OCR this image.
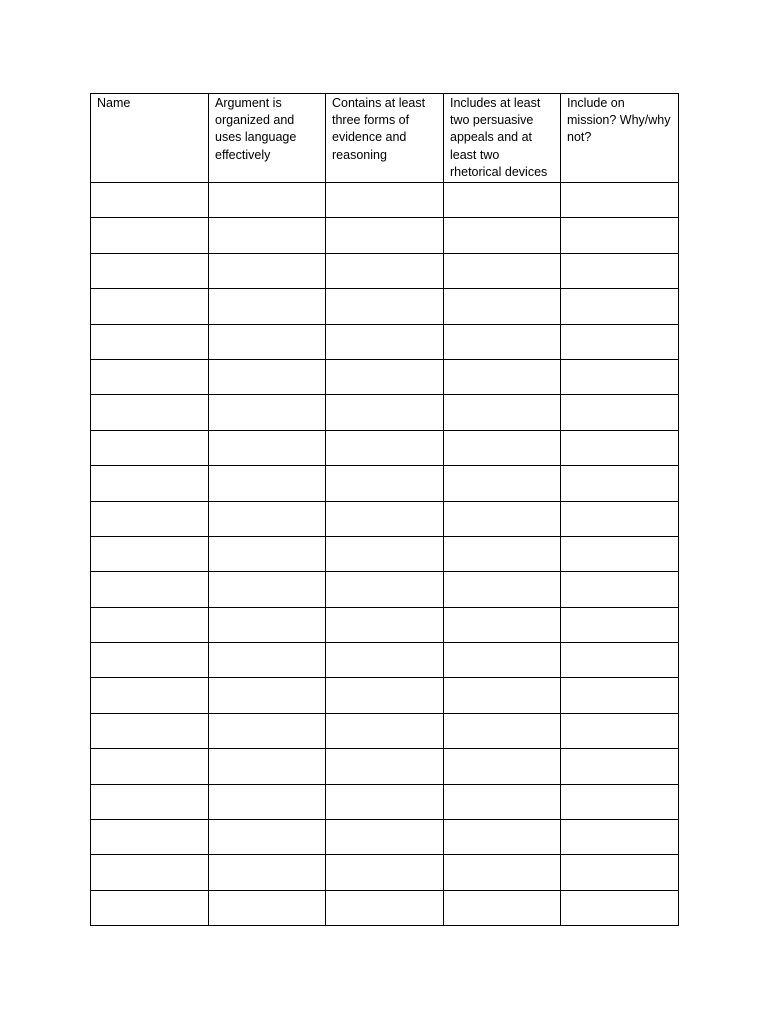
Name	Argument is organized and uses language effectively	Contains at least three forms of evidence and reasoning	Includes at least two persuasive appeals and at least two rhetorical devices	Include on mission? Why/why not?
